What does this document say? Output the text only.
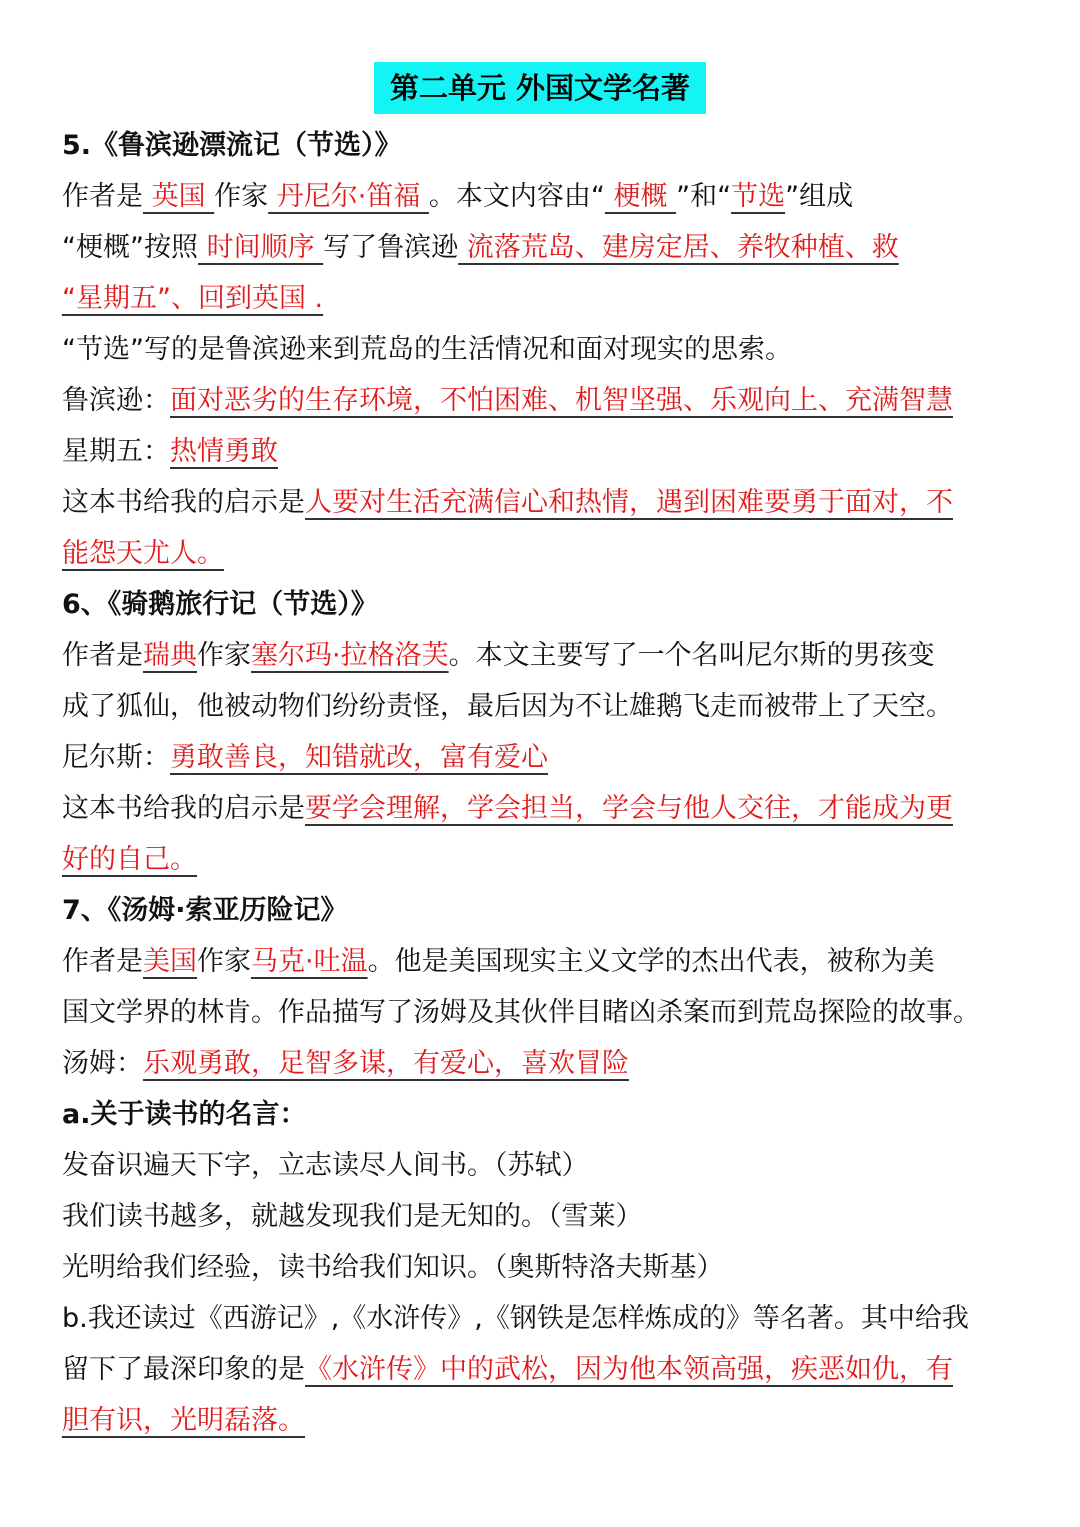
第二单元 外国文学名著
5.《鲁滨逊漂流记（节选）》
作者是 英国 作家 丹尼尔·笛福 。本文内容由“ 梗概 ”和“节选”组成
“梗概”按照 时间顺序 写了鲁滨逊 流落荒岛、建房定居、养牧种植、救
“星期五”、回到英国 .
“节选”写的是鲁滨逊来到荒岛的生活情况和面对现实的思索。
鲁滨逊：面对恶劣的生存环境，不怕困难、机智坚强、乐观向上、充满智慧
星期五：热情勇敢
这本书给我的启示是人要对生活充满信心和热情，遇到困难要勇于面对，不
能怨天尤人。
6、《骑鹅旅行记（节选）》
作者是瑞典作家塞尔玛·拉格洛芙。本文主要写了一个名叫尼尔斯的男孩变
成了狐仙，他被动物们纷纷责怪，最后因为不让雄鹅飞走而被带上了天空。
尼尔斯：勇敢善良，知错就改，富有爱心
这本书给我的启示是要学会理解，学会担当，学会与他人交往，才能成为更
好的自己。
7、《汤姆·索亚历险记》
作者是美国作家马克·吐温。他是美国现实主义文学的杰出代表，被称为美
国文学界的林肯。作品描写了汤姆及其伙伴目睹凶杀案而到荒岛探险的故事。
汤姆：乐观勇敢，足智多谋，有爱心，喜欢冒险
a.关于读书的名言：
发奋识遍天下字，立志读尽人间书。（苏轼）
我们读书越多，就越发现我们是无知的。（雪莱）
光明给我们经验，读书给我们知识。（奥斯特洛夫斯基）
b.我还读过《西游记》,《水浒传》,《钢铁是怎样炼成的》等名著。其中给我
留下了最深印象的是《水浒传》中的武松，因为他本领高强，疾恶如仇，有
胆有识，光明磊落。
